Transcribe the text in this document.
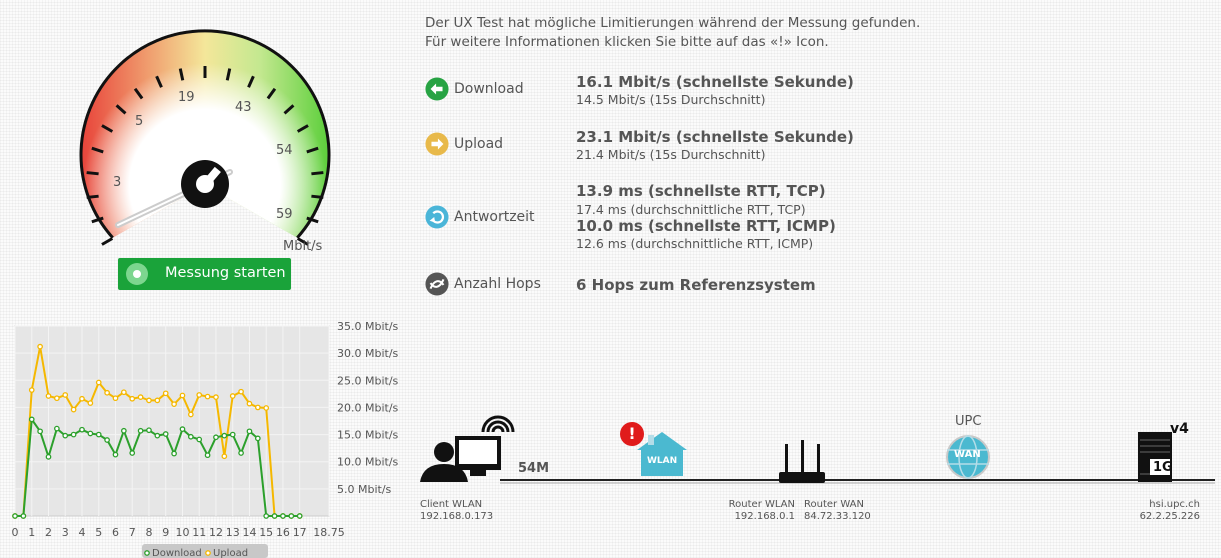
3
5
19
43
54
59
Mbit/s
Messung starten
Der UX Test hat mögliche Limitierungen während der Messung gefunden.
Für weitere Informationen klicken Sie bitte auf das «!» Icon.
Download	16.1 Mbit/s (schnellste Sekunde)
14.5 Mbit/s (15s Durchschnitt)
Upload	23.1 Mbit/s (schnellste Sekunde)
21.4 Mbit/s (15s Durchschnitt)
Antwortzeit
13.9 ms (schnellste RTT, TCP)
17.4 ms (durchschnittliche RTT, TCP)
10.0 ms (schnellste RTT, ICMP)
12.6 ms (durchschnittliche RTT, ICMP)
Anzahl Hops 6 Hops zum Referenzsystem
35.0 Mbit/s
30.0 Mbit/s
25.0 Mbit/s
20.0 Mbit/s
15.0 Mbit/s
10.0 Mbit/s
5.0 Mbit/s
0 1 2 3 4 5 6 7 8 9 10 11 12 13 14 15 16 17 18.75
Download Upload
!
WLAN
WAN
UPC
54M
v4
1G
Client WLAN
192.168.0.173
Router WLAN
192.168.0.1
Router WAN
84.72.33.120
hsi.upc.ch
62.2.25.226
